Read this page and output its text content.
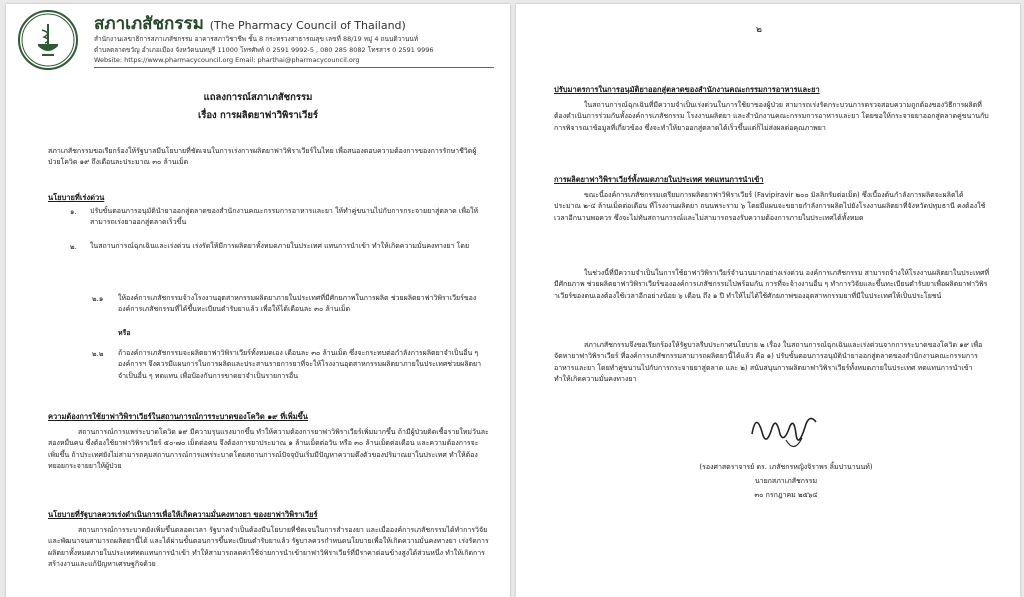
สภาเภสัชกรรม (The Pharmacy Council of Thailand)
สำนักงานเลขาธิการสภาเภสัชกรรม อาคารสภาวิชาชีพ ชั้น 8 กระทรวงสาธารณสุข เลขที่ 88/19 หมู่ 4 ถนนติวานนท์
ตำบลตลาดขวัญ อำเภอเมือง จังหวัดนนทบุรี 11000 โทรศัพท์ 0 2591 9992-5 , 080 285 8082 โทรสาร 0 2591 9996
Website: https://www.pharmacycouncil.org Email: pharthai@pharmacycouncil.org
แถลงการณ์สภาเภสัชกรรม
เรื่อง การผลิตยาฟาวิพิราเวียร์
สภาเภสัชกรรมขอเรียกร้องให้รัฐบาลมีนโยบายที่ชัดเจนในการเร่งการผลิตยาฟาวิพิราเวียร์ในไทย เพื่อสนองตอบความต้องการของการรักษาชีวิตผู้ป่วยโควิด ๑๙ ถึงเดือนละประมาณ ๓๐ ล้านเม็ด
นโยบายที่เร่งด่วน
๑. ปรับขั้นตอนการอนุมัตินำยาออกสู่ตลาดของสำนักงานคณะกรรมการอาหารและยา ให้ทำคู่ขนานไปกับการกระจายยาสู่ตลาด เพื่อให้สามารถเร่งยาออกสู่ตลาดเร็วขึ้น
๒. ในสถานการณ์ฉุกเฉินและเร่งด่วน เร่งรัดให้มีการผลิตยาทั้งหมดภายในประเทศ แทนการนำเข้า ทำให้เกิดความมั่นคงทางยา โดย
๒.๑ ให้องค์การเภสัชกรรมจ้างโรงงานอุตสาหกรรมผลิตยาภายในประเทศที่มีศักยภาพในการผลิต ช่วยผลิตยาฟาวิพิราเวียร์ขององค์การเภสัชกรรมที่ได้ขึ้นทะเบียนตำรับยาแล้ว เพื่อให้ได้เดือนละ ๓๐ ล้านเม็ด
หรือ
๒.๒ ถ้าองค์การเภสัชกรรมจะผลิตยาฟาวิพิราเวียร์ทั้งหมดเอง เดือนละ ๓๐ ล้านเม็ด ซึ่งจะกระทบต่อกำลังการผลิตยาจำเป็นอื่น ๆ องค์การฯ จึงควรมีแผนการในการผลิตและประสานรายการยาที่จะให้โรงงานอุตสาหกรรมผลิตยาภายในประเทศช่วยผลิตยาจำเป็นอื่น ๆ ทดแทน เพื่อป้องกันการขาดยาจำเป็นรายการอื่น
ความต้องการใช้ยาฟาวิพิราเวียร์ในสถานการณ์การระบาดของโควิด ๑๙ ที่เพิ่มขึ้น
สถานการณ์การแพร่ระบาดโควิด ๑๙ มีความรุนแรงมากขึ้น ทำให้ความต้องการยาฟาวิพิราเวียร์เพิ่มมากขึ้น ถ้ามีผู้ป่วยติดเชื้อรายใหม่วันละสองหมื่นคน ซึ่งต้องใช้ยาฟาวิพิราเวียร์ ๕๐-๗๐ เม็ดต่อคน จึงต้องการยาประมาณ ๑ ล้านเม็ดต่อวัน หรือ ๓๐ ล้านเม็ดต่อเดือน และความต้องการจะเพิ่มขึ้น ถ้าประเทศยังไม่สามารถคุมสถานการณ์การแพร่ระบาดโดยสถานการณ์ปัจจุบันเริ่มมีปัญหาความตึงตัวของปริมาณยาในประเทศ ทำให้ต้องทยอยกระจายยาให้ผู้ป่วย
นโยบายที่รัฐบาลควรเร่งดำเนินการเพื่อให้เกิดความมั่นคงทางยา ของยาฟาวิพิราเวียร์
สถานการณ์การระบาดยังเพิ่มขึ้นตลอดเวลา รัฐบาลจำเป็นต้องมีนโยบายที่ชัดเจนในการสำรองยา และเมื่อองค์การเภสัชกรรมได้ทำการวิจัยและพัฒนาจนสามารถผลิตยานี้ได้ และได้ผ่านขั้นตอนการขึ้นทะเบียนตำรับยาแล้ว รัฐบาลควรกำหนดนโยบายเพื่อให้เกิดความมั่นคงทางยา เร่งรัดการผลิตยาทั้งหมดภายในประเทศทดแทนการนำเข้า ทำให้สามารถลดค่าใช้จ่ายการนำเข้ายาฟาวิพิราเวียร์ที่มีราคาต่อนข้างสูงได้ส่วนหนึ่ง ทำให้เกิดการสร้างงานและแก้ปัญหาเศรษฐกิจด้วย
๒
ปรับมาตรการในการอนุมัติยาออกสู่ตลาดของสำนักงานคณะกรรมการอาหารและยา
ในสถานการณ์ฉุกเฉินที่มีความจำเป็นเร่งด่วนในการใช้ยาของผู้ป่วย สามารถเร่งรัดกระบวนการตรวจสอบความถูกต้องของวิธีการผลิตที่ต้องดำเนินการร่วมกันทั้งองค์การเภสัชกรรม โรงงานผลิตยา และสำนักงานคณะกรรมการอาหารและยา โดยขอให้กระจายยาออกสู่ตลาดคู่ขนานกับการพิจารณาข้อมูลที่เกี่ยวข้อง ซึ่งจะทำให้ยาออกสู่ตลาดได้เร็วขึ้นแต่ก็ไม่ส่งผลต่อคุณภาพยา
การผลิตยาฟาวิพิราเวียร์ทั้งหมดภายในประเทศ ทดแทนการนำเข้า
ขณะนี้องค์การเภสัชกรรมเตรียมการผลิตยาฟาวิพิราเวียร์ (Favipiravir ๒๐๐ มิลลิกรัมต่อเม็ด) ซึ่งเบื้องต้นกำลังการผลิตจะผลิตได้ประมาณ ๒-๔ ล้านเม็ดต่อเดือน ที่โรงงานผลิตยา ถนนพระราม ๖ โดยมีแผนจะขยายกำลังการผลิตไปยังโรงงานผลิตยาที่จังหวัดปทุมธานี คงต้องใช้เวลาอีกนานพอควร ซึ่งจะไม่ทันสถานการณ์และไม่สามารถรองรับความต้องการภายในประเทศได้ทั้งหมด
ในช่วงนี้ที่มีความจำเป็นในการใช้ยาฟาวิพิราเวียร์จำนวนมากอย่างเร่งด่วน องค์การเภสัชกรรม สามารถจ้างให้โรงงานผลิตยาในประเทศที่มีศักยภาพ ช่วยผลิตยาฟาวิพิราเวียร์ขององค์การเภสัชกรรมไปพร้อมกัน การที่จะจ้างงานอื่น ๆ ทำการวิจัยและขึ้นทะเบียนตำรับยาเพื่อผลิตยาฟาวิพิราเวียร์ของตนเองต้องใช้เวลาอีกอย่างน้อย ๖ เดือน ถึง ๑ ปี ทำให้ไม่ได้ใช้ศักยภาพของอุตสาหกรรมยาที่มีในประเทศให้เป็นประโยชน์
สภาเภสัชกรรมจึงขอเรียกร้องให้รัฐบาลรีบประกาศนโยบาย ๒ เรื่อง ในสถานการณ์ฉุกเฉินและเร่งด่วนจากการระบาดของโควิด ๑๙ เพื่อจัดหายาฟาวิพิราเวียร์ ที่องค์การเภสัชกรรมสามารถผลิตยานี้ได้แล้ว คือ ๑) ปรับขั้นตอนการอนุมัตินำยาออกสู่ตลาดของสำนักงานคณะกรรมการอาหารและยา โดยทำคู่ขนานไปกับการกระจายยาสู่ตลาด และ ๒) สนับสนุนการผลิตยาฟาวิพิราเวียร์ทั้งหมดภายในประเทศ ทดแทนการนำเข้า ทำให้เกิดความมั่นคงทางยา
(รองศาสตราจารย์ ดร. เภสัชกรหญิงจิราพร ลิ้มปานานนท์)
นายกสภาเภสัชกรรม
๓๐ กรกฎาคม ๒๕๖๔
